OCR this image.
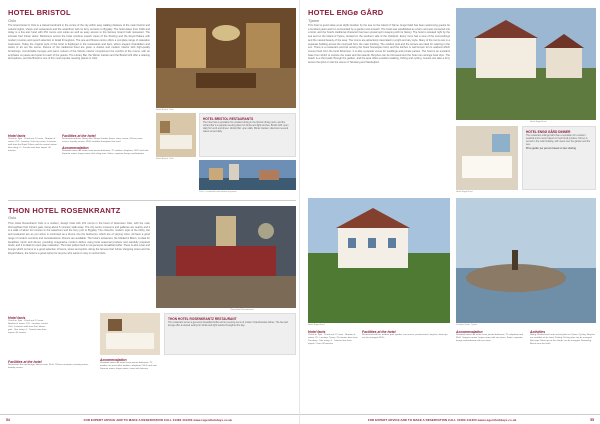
HOTEL BRISTOL
Oslo
The Grand Hotel in Oslo is a classic landmark in the centre of the city within easy walking distance of the main historic and cultural sights, shops and restaurants and the waterfront with its ferry services to Bygdøy. The hotel dates from 1920 and today is a five-star hotel with 251 rooms and suites as well as easy access to the famous Grand Café restaurant. The intimate Karl Johan decor. Bedrooms across the hotel combine superb views of the Storting and the Royal Palace with modern luxuries and superb attention to detail throughout. The spa and fitness centre offers a complete range of relaxation treatments. Today the original style of the hotel is displayed in the restaurants and bars, where elegant chandeliers and works of art set the scene. Rooms of the traditional hotel are given a classic and modern interior with high-quality furnishings. Comfortable lounges and warm colours of the historic interior complement the comfort of the rooms, with an emphasis on peace and quiet for each of the guests. The Library Bar, the Winter Garden and the Bristol Grill offer a relaxing atmosphere, and the Bristol is one of the most popular meeting places in Oslo.
Hotel Bristol, Oslo
Hotel Bristol, Oslo
HOTEL BRISTOL RESTAURANTS
The hotel has a reputation for excellent dining in the historic dining room, and the Library Bar is a popular meeting place for drinks and light lunches. Bristol Grill: open daily for lunch and dinner. Library Bar: open daily. Winter Garden: afternoon tea and cakes served daily.
Oslo - a colourful and vibrant cityscape
Hotel facts
Check-in: 3pm · Check-out: 12 noon · Number of rooms: 251 · Location: Oslo city centre, 5 minutes walk from the Royal Palace and the central station · Star rating: 4 · Transfer time from airport: 40 minutes
Facilities at the hotel
Restaurant and bar, Library Bar, Winter Garden, fitness room, sauna, 24-hour room service, laundry service, Wi-Fi available throughout the hotel.
Accommodation
Standard rooms: All rooms have private bathroom, TV, minibar, telephone, Wi-Fi and safe. Superior rooms: larger rooms with sitting area. Suites: separate lounge and bedroom.
THON HOTEL ROSENKRANTZ
Oslo
Thon Hotel Rosenkrantz Oslo is a modern, design hotel with 151 rooms in the heart of downtown Oslo, with the main thoroughfare Karl Johans gate, being about 5 minutes' walk away. The city centre museums and galleries are nearby and it is a walk of about 10 minutes to the waterfront and the ferry port to Bygdøy. The colourful, modern style of the lobby, bar and restaurant are as you arrive is continued as a theme into the bedrooms, which are of varying sizes. All have a good range of modern comforts and considerations. Rooms are available. The hotel's restaurant, the Marketmi Bistro, is ideal for breakfast, lunch and dinner, providing imaginative modern dishes using local seasonal produce and carefully prepared foods; and it is ideal for open-plan relaxation. The hotel prides itself on its generous breakfast buffet. There is also a bar and lounge which is home to a good selection of beers, wines and spirits. Along the famous Karl Johan shopping street and the Royal Palace, the hotel is a good option for anyone who wants to stay in central Oslo.
Thon Hotel Rosenkrantz
THON HOTEL ROSENKRANTZ RESTAURANT
The restaurant serves a generous breakfast buffet and an evening menu of modern Scandinavian dishes. The bar and lounge offer a relaxed setting for drinks and light snacks throughout the day.
Hotel facts
Check-in: 3pm · Check-out: 12 noon · Number of rooms: 151 · Location: central Oslo, 5 minutes walk from Karl Johans gate · Star rating: 4 · Transfer time from airport: 40 minutes
Facilities at the hotel
Restaurant, bar and lounge, fitness room, Wi-Fi, 24-hour reception, meeting rooms, laundry service.
Accommodation
Standard rooms: All rooms have private bathroom, TV, minibar, tea and coffee facilities, telephone, Wi-Fi and safe. Superior rooms: larger rooms, some with balcony.
54	FOR EXPERT ADVICE AND TO MAKE A RESERVATION CALL 01383 441200 www.regentholidays.co.uk
HOTEL ENGø GÅRD
Tjøme
This hotel is good value at an idyllic location by the sea on the island of Tjøme. Engø Gård has been welcoming guests for a hundred years and it is surrounded by a garden and a beach. The hotel was established as a farm and was converted into a hotel, and the hotel's traditional character has been preserved in keeping with its history. The hotel is situated right by the sea and on the island of Tjøme, located on the southern side of the Oslofjord. Every room has a view of the surroundings and the natural beauty of the area. The rooms are attractively decorated in a light and airy style. Many of the rooms are in a separate building across the courtyard from the main building. The outdoor pool and the terrace are ideal for relaxing in the sun. There is a restaurant and bar serving the finest Norwegian food, and the kitchen is well known for its seafood which comes fresh from the local fishermen. It is also a popular venue for weddings and private parties. The hotel is an excellent base from which to explore the coast and the islands. Bicycles can be borrowed and the hotel can arrange boat trips. The beach is a short walk through the garden, and the area offers excellent walking, fishing and cycling. Guests can take a ferry across the fjord or visit the towns of Tønsberg and Sandefjord.
Hotel Engø Gård
HOTEL ENGØ GÅRD DINNER
The restaurant at Engø Gård has a reputation for excellent seafood and a menu based on fresh local produce. Dinner is served in the main building, with views over the garden and the sea.
Price guide: per person based on two sharing
Hotel Engø Gård
Hotel Engø Gård	Verdens Ende, Tjøme
Hotel facts
Check-in: 3pm · Check-out: 12 noon · Number of rooms: 25 · Location: Tjøme, 25 minutes drive from Tønsberg · Star rating: 4 · Transfer time from airport: 1 hour 30 minutes
Facilities at the hotel
Restaurant and bar, outdoor pool, garden, sun terrace, private beach, bicycles, boat trips can be arranged, Wi-Fi.
Accommodation
Standard rooms: All rooms have private bathroom, TV, telephone and Wi-Fi. Superior rooms: larger rooms with sea views. Suites: separate lounge and bedroom with sea views.
Activities
Hiking: Marked trails and coastal paths on Tjøme. Cycling: Bicycles are available at the hotel. Fishing: Fishing trips can be arranged. Boat trips: Boat trips to the islands can be arranged. Swimming: Beach near the hotel.
FOR EXPERT ADVICE AND TO MAKE A RESERVATION CALL 01383 441200 www.regentholidays.co.uk	55
